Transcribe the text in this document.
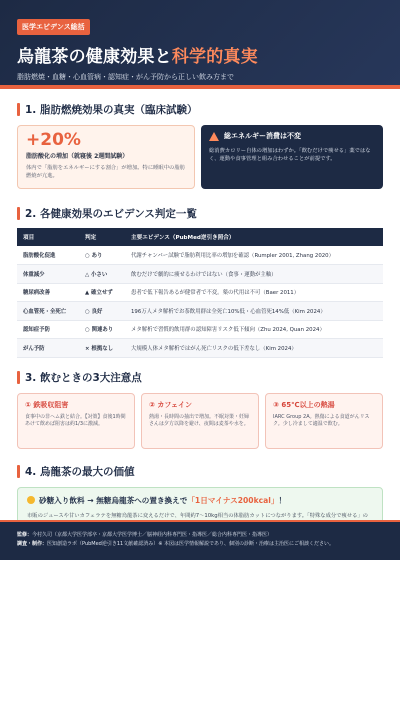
医学エビデンス総括
烏龍茶の健康効果と科学的真実
脂肪燃焼・血糖・心血管病・認知症・がん予防から正しい飲み方まで
1. 脂肪燃焼効果の真実（臨床試験）
+20%
脂肪酸化の増加（就寝後 2週間試験）
体内で「脂肪をエネルギーにする割合」が増加。特に睡眠中の脂肪燃焼が亢進。
総エネルギー消費は不変
総消費カロリー自体の増加はわずか。「飲むだけで痩せる」薬ではなく、運動や食事管理と組み合わせることが前提です。
2. 各健康効果のエビデンス判定一覧
項目	判定	主要エビデンス（PubMed逆引き照合）
脂肪酸化促進	○ あり	代謝チャンバー試験で脂肪利用比率の増加を確認（Rumpler 2001, Zhang 2020）
体重減少	△ 小さい	飲むだけで劇的に痩せるわけではない（食事・運動が主軸）
糖尿病改善	▲ 確立せず	患者で低下報告あるが健常者で不変。薬の代用は不可（Baer 2011）
心血管死・全死亡	○ 良好	196万人メタ解析でお茶飲用群は全死亡10%低・心血管死14%低（Kim 2024）
認知症予防	○ 関連あり	メタ解析で習慣的飲用群の認知障害リスク低下傾向（Zhu 2024, Quan 2024）
がん予防	× 根拠なし	大規模人体メタ解析ではがん死亡リスクの低下差なし（Kim 2024）
3. 飲むときの3大注意点
① 鉄吸収阻害
食事中の非ヘム鉄と結合。【対策】食後1時間あけて飲めば阻害は約1/3に激減。
② カフェイン
熱湯・長時間の抽出で増加。不眠対策・妊婦さんは夕方以降を避け、夜間は麦茶や水を。
③ 65℃以上の熱湯
IARC Group 2A。熱傷による食道がんリスク。少し冷まして適温で飲む。
4. 烏龍茶の最大の価値
砂糖入り飲料 → 無糖烏龍茶への置き換えで「1日マイナス200kcal」！
市販のジュースや甘いカフェラテを無糖烏龍茶に変えるだけで、年間約7〜10kg相当の体脂肪カットにつながります。「特殊な成分で痩せる」の
監修：今村久司（京都大学医学部卒・京都大学医学博士／脳神経内科専門医・指導医／総合内科専門医・指導医）
調査・制作：医知創造ラボ（PubMed逆引き11文献確認済み）※ 本図は医学情報解説であり、個別の診断・治療は主治医にご相談ください。
